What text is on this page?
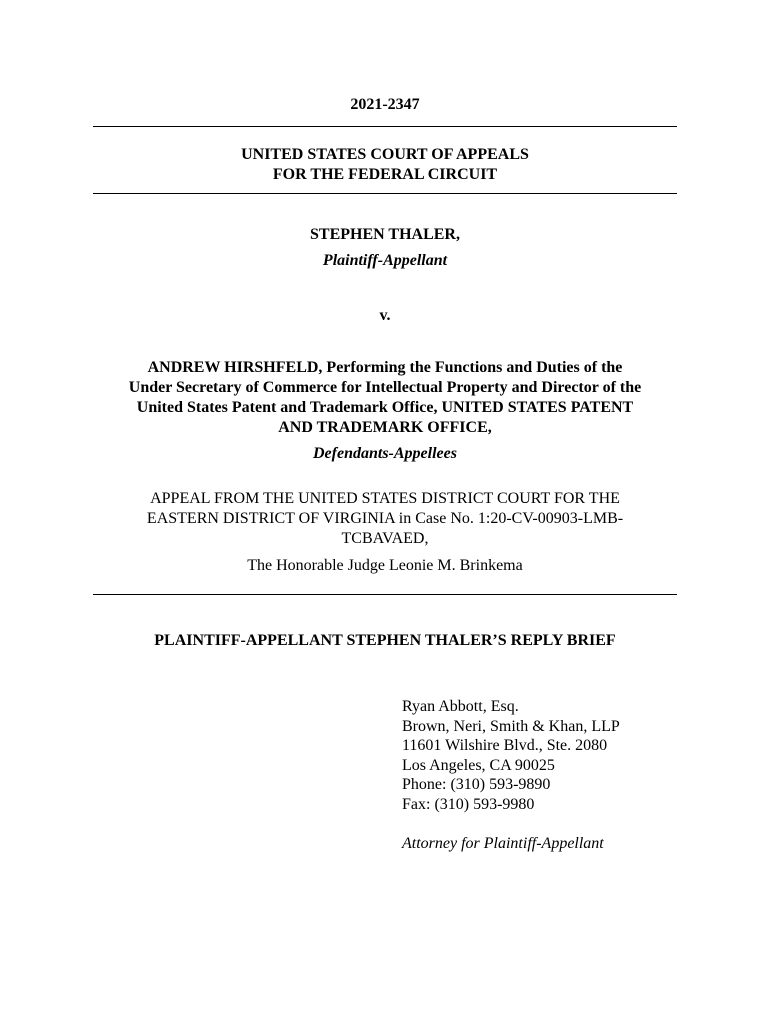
2021-2347
UNITED STATES COURT OF APPEALS
FOR THE FEDERAL CIRCUIT
STEPHEN THALER,
Plaintiff-Appellant
v.
ANDREW HIRSHFELD, Performing the Functions and Duties of the
Under Secretary of Commerce for Intellectual Property and Director of the
United States Patent and Trademark Office, UNITED STATES PATENT
AND TRADEMARK OFFICE,
Defendants-Appellees
APPEAL FROM THE UNITED STATES DISTRICT COURT FOR THE
EASTERN DISTRICT OF VIRGINIA in Case No. 1:20-CV-00903-LMB-
TCBAVAED,
The Honorable Judge Leonie M. Brinkema
PLAINTIFF-APPELLANT STEPHEN THALER’S REPLY BRIEF
Ryan Abbott, Esq.
Brown, Neri, Smith & Khan, LLP
11601 Wilshire Blvd., Ste. 2080
Los Angeles, CA 90025
Phone: (310) 593-9890
Fax: (310) 593-9980
Attorney for Plaintiff-Appellant
